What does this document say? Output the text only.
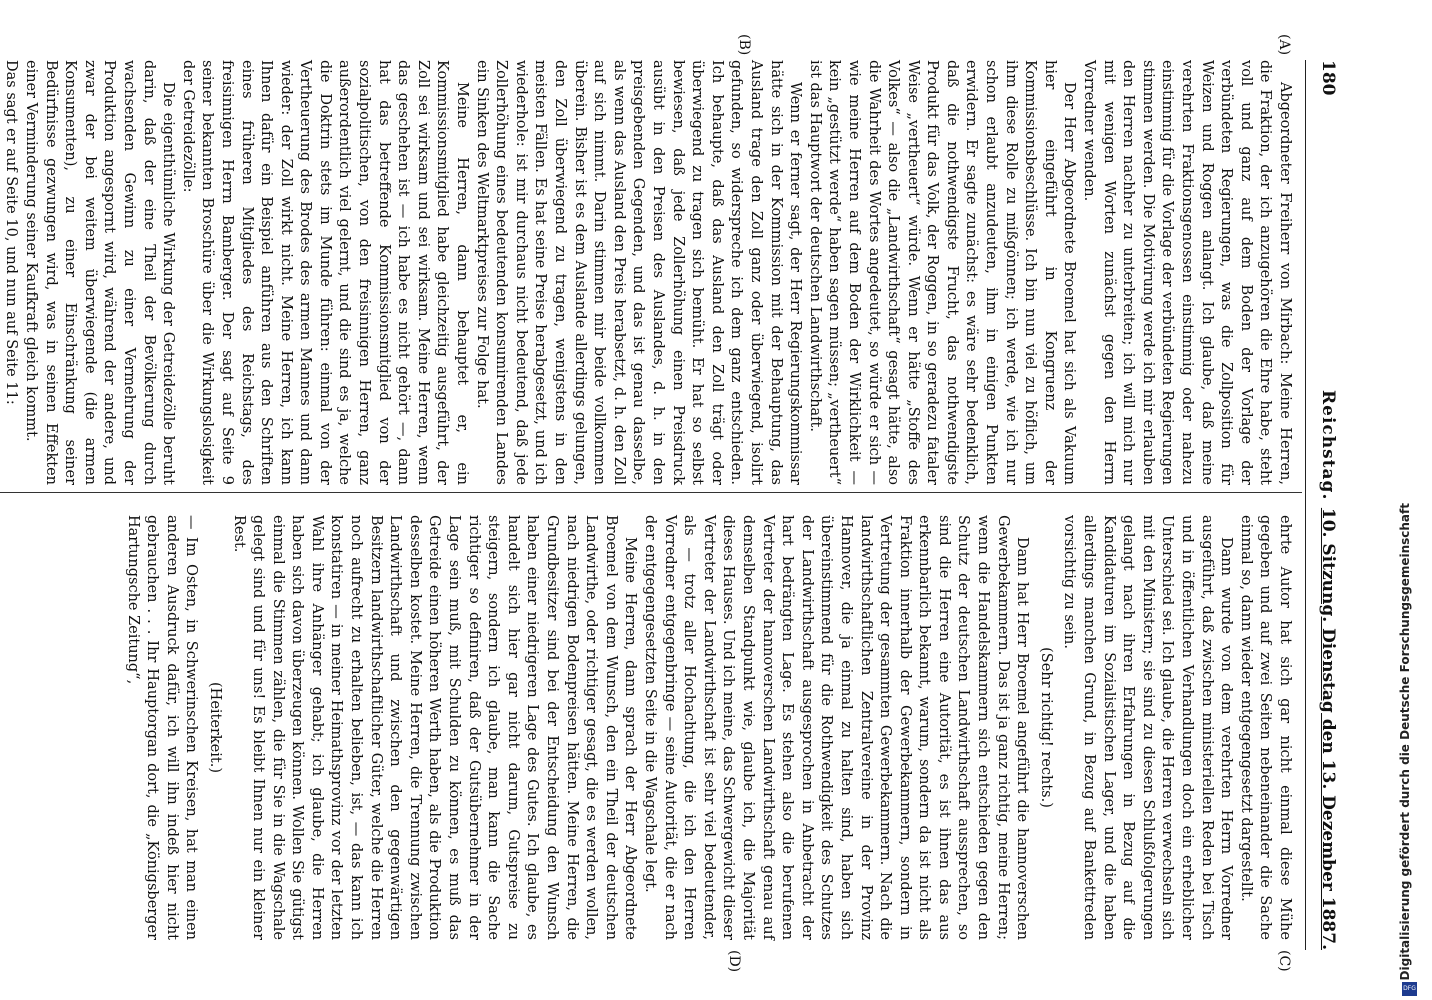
180
Reichstag.
10. Sitzung. Dienstag den 13. Dezember 1887.
(A)
(B)
(C)
(D)

Abgeordneter Freiherr von Mirbach: Meine Herren, die Fraktion, der ich anzugehören die Ehre habe, steht voll und ganz auf dem Boden der Vorlage der verbündeten Regierungen, was die Zollposition für Weizen und Roggen anlangt. Ich glaube, daß meine verehrten Fraktionsgenossen einstimmig oder nahezu einstimmig für die Vorlage der verbündeten Regierungen stimmen werden. Die Motivirung werde ich mir erlauben den Herren nachher zu unterbreiten; ich will mich nur mit wenigen Worten zunächst gegen den Herrn Vorredner wenden.

Der Herr Abgeordnete Broemel hat sich als Vakuum hier eingeführt in Kongruenz der Kommissionsbeschlüsse. Ich bin nun viel zu höflich, um ihm diese Rolle zu mißgönnen; ich werde, wie ich nur schon erlaubt anzudeuten, ihm in einigen Punkten erwidern. Er sagte zunächst: es wäre sehr bedenklich, daß die nothwendigste Frucht, das nothwendigste Produkt für das Volk, der Roggen, in so geradezu fataler Weise „vertheuert“ würde. Wenn er hätte „Stoffe des Volkes“ — also die „Landwirthschaft“ gesagt hätte, also die Wahrheit des Wortes angedeutet, so würde er sich — wie meine Herren auf dem Boden der Wirklichkeit — kein „gestützt werde“ haben sagen müssen; „vertheuert“ ist das Hauptwort der deutschen Landwirthschaft.

Wenn er ferner sagt, der Herr Regierungskommissar hätte sich in der Kommission mit der Behauptung, das Ausland trage den Zoll ganz oder überwiegend, isolirt gefunden, so widerspreche ich dem ganz entschieden. Ich behaupte, daß das Ausland den Zoll trägt oder überwiegend zu tragen sich bemüht. Er hat so selbst bewiesen, daß jede Zollerhöhung einen Preisdruck ausübt in den Preisen des Auslandes, d. h. in den preisgebenden Gegenden, und das ist genau dasselbe, als wenn das Ausland den Preis herabsetzt, d. h. den Zoll auf sich nimmt. Darin stimmen mir beide vollkommen überein. Bisher ist es dem Auslande allerdings gelungen, den Zoll überwiegend zu tragen, wenigstens in den meisten Fällen. Es hat seine Preise herabgesetzt, und ich wiederhole: ist mir durchaus nicht bedeutend, daß jede Zollerhöhung eines bedeutenden konsumirenden Landes ein Sinken des Weltmarktpreises zur Folge hat.

Meine Herren, dann behauptet er, ein Kommissionsmitglied habe gleichzeitig ausgeführt, der Zoll sei wirksam und sei wirksam. Meine Herren, wenn das geschehen ist — ich habe es nicht gehört —, dann hat das betreffende Kommissionsmitglied von der sozialpolitischen, von den freisinnigen Herren, ganz außerordentlich viel gelernt, und die sind es ja, welche die Doktrin stets im Munde führen: einmal von der Vertheuerung des Brodes des armen Mannes und dann wieder: der Zoll wirkt nicht. Meine Herren, ich kann Ihnen dafür ein Beispiel anführen aus den Schriften eines früheren Mitgliedes des Reichstags, des freisinnigen Herrn Bamberger. Der sagt auf Seite 9 seiner bekannten Broschüre über die Wirkungslosigkeit der Getreidezölle:

Die eigenthümliche Wirkung der Getreidezölle beruht darin, daß der eine Theil der Bevölkerung durch wachsenden Gewinn zu einer Vermehrung der Produktion angespornt wird, während der andere, und zwar der bei weitem überwiegende (die armen Konsumenten), zu einer Einschränkung seiner Bedürfnisse gezwungen wird, was in seinen Effekten einer Verminderung seiner Kaufkraft gleich kommt.

Das sagt er auf Seite 10, und nun auf Seite 11:

ehrte Autor hat sich gar nicht einmal diese Mühe gegeben und auf zwei Seiten nebeneinander die Sache einmal so, dann wieder entgegengesetzt dargestellt.

Dann wurde von dem verehrten Herrn Vorredner ausgeführt, daß zwischen ministeriellen Reden bei Tisch und in öffentlichen Verhandlungen doch ein erheblicher Unterschied sei. Ich glaube, die Herren verwechseln sich mit den Ministern; sie sind zu diesen Schlußfolgerungen gelangt nach ihren Erfahrungen in Bezug auf die Kandidaturen im Sozialistischen Lager, und die haben allerdings manchen Grund, in Bezug auf Bankettreden vorsichtig zu sein.

(Sehr richtig! rechts.)

Dann hat Herr Broemel angeführt die hannoverschen Gewerbekammern. Das ist ja ganz richtig, meine Herren; wenn die Handelskammern sich entschieden gegen den Schutz der deutschen Landwirthschaft aussprechen, so sind die Herren eine Autorität, es ist ihnen das aus erkennbarlich bekannt, warum, sondern da ist nicht als Fraktion innerhalb der Gewerbekammern, sondern in Vertretung der gesammten Gewerbekammern. Nach die landwirthschaftlichen Zentralvereine in der Provinz Hannover, die ja einmal zu halten sind, haben sich übereinstimmend für die Rothwendigkeit des Schutzes der Landwirthschaft ausgesprochen in Anbetracht der hart bedrängten Lage. Es stehen also die berufenen Vertreter der hannoverschen Landwirthschaft genau auf demselben Standpunkt wie, glaube ich, die Majorität dieses Hauses. Und ich meine, das Schwergewicht dieser Vertreter der Landwirthschaft ist sehr viel bedeutender, als — trotz aller Hochachtung, die ich den Herren Vorredner entgegenbringe — seine Autorität, die er nach der entgegengesetzten Seite in die Wagschale legt.

Meine Herren, dann sprach der Herr Abgeordnete Broemel von dem Wunsch, den ein Theil der deutschen Landwirthe, oder richtiger gesagt, die es werden wollen, nach niedrigen Bodenpreisen hätten. Meine Herren, die Grundbesitzer sind bei der Entscheidung den Wunsch haben einer niedrigeren Lage des Gutes. Ich glaube, es handelt sich hier gar nicht darum, Gutspreise zu steigern, sondern ich glaube, man kann die Sache richtiger so definiren, daß der Gutsübernehmer in der Lage sein muß, mit Schulden zu können, es muß das Getreide einen höheren Werth haben, als die Produktion desselben kostet. Meine Herren, die Trennung zwischen Landwirthschaft und zwischen den gegenwärtigen Besitzern landwirthschaftlicher Güter, welche die Herren noch aufrecht zu erhalten belieben, ist, — das kann ich konstatiren — in meiner Heimathsprovinz vor der letzten Wahl ihre Anhänger gehabt; ich glaube, die Herren haben sich davon überzeugen können. Wollen Sie gütigst einmal die Stimmen zählen, die für Sie in die Wagschale gelegt sind und für uns! Es bleibt Ihnen nur ein kleiner Rest.

(Heiterkeit.)

— Im Osten, in Schwerinschen Kreisen, hat man einen anderen Ausdruck dafür, ich will ihn indeß hier nicht gebrauchen . . . Ihr Hauptorgan dort, die „Königsberger Hartungsche Zeitung“,	Digitalisierung gefördert durch die Deutsche Forschungsgemeinschaft
DFG
